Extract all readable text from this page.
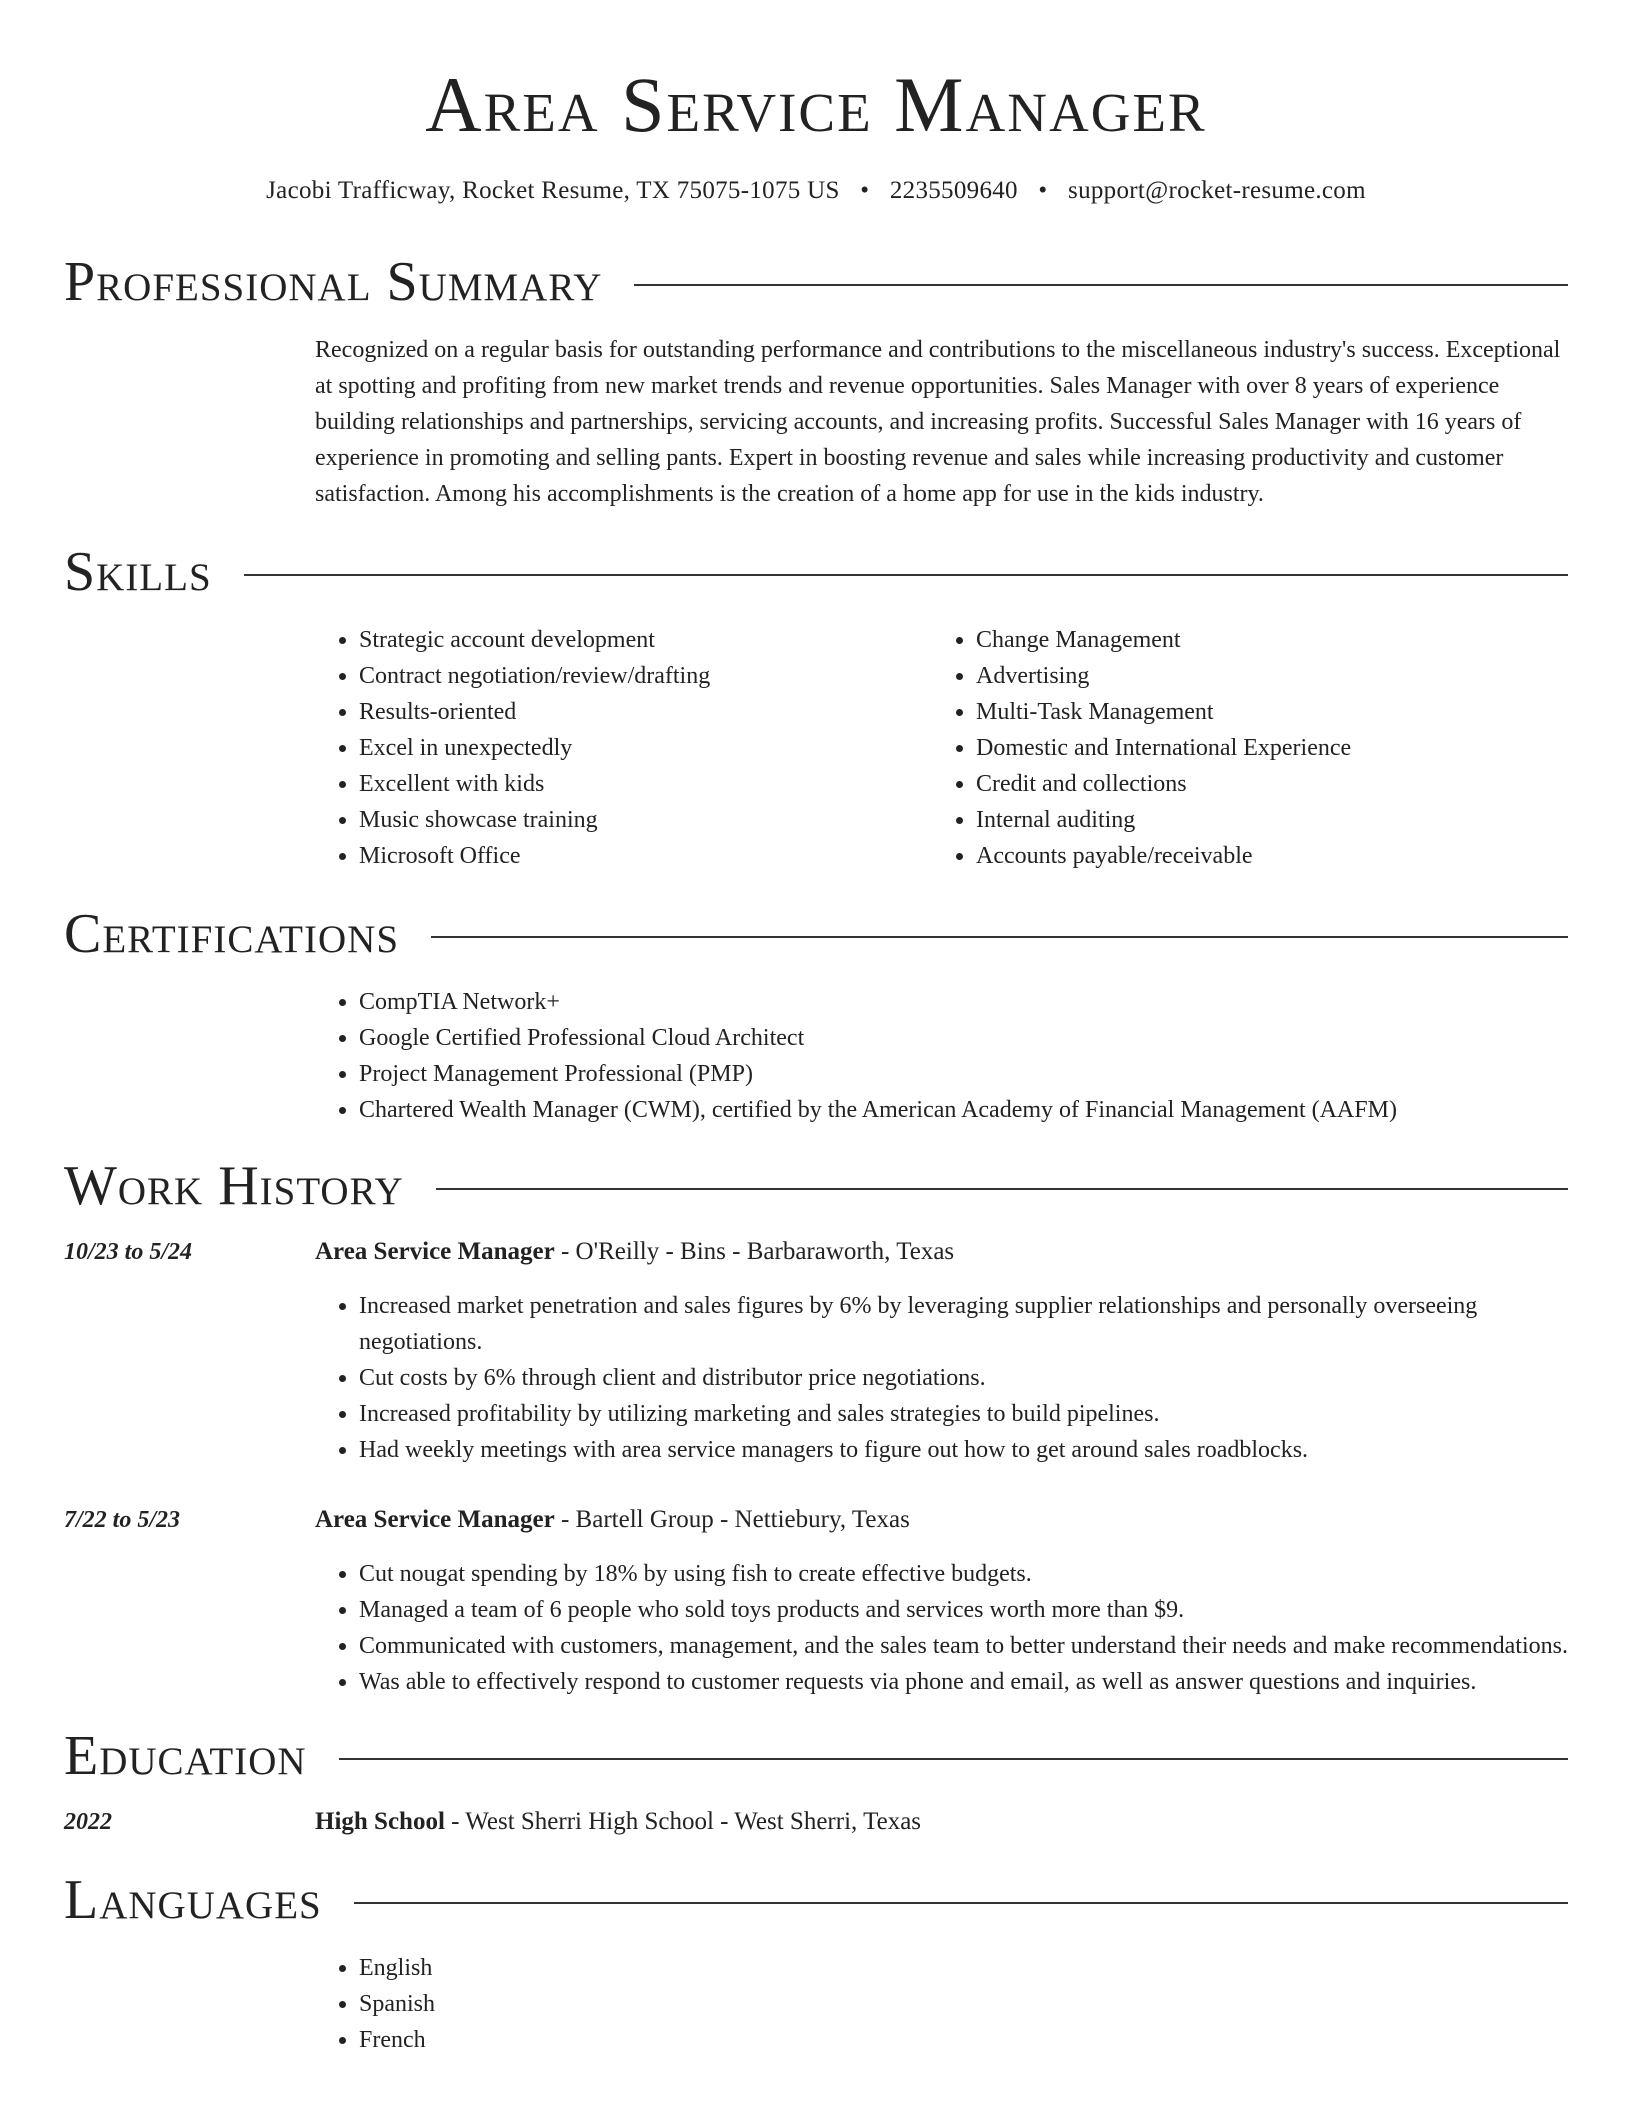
Area Service Manager
Jacobi Trafficway, Rocket Resume, TX 75075-1075 US • 2235509640 • support@rocket-resume.com
Professional Summary

Recognized on a regular basis for outstanding performance and contributions to the miscellaneous industry's success. Exceptional at spotting and profiting from new market trends and revenue opportunities. Sales Manager with over 8 years of experience building relationships and partnerships, servicing accounts, and increasing profits. Successful Sales Manager with 16 years of experience in promoting and selling pants. Expert in boosting revenue and sales while increasing productivity and customer satisfaction. Among his accomplishments is the creation of a home app for use in the kids industry.

Skills
• Strategic account development
• Contract negotiation/review/drafting
• Results-oriented
• Excel in unexpectedly
• Excellent with kids
• Music showcase training
• Microsoft Office
• Change Management
• Advertising
• Multi-Task Management
• Domestic and International Experience
• Credit and collections
• Internal auditing
• Accounts payable/receivable
Certifications
• CompTIA Network+
• Google Certified Professional Cloud Architect
• Project Management Professional (PMP)
• Chartered Wealth Manager (CWM), certified by the American Academy of Financial Management (AAFM)
Work History
10/23 to 5/24	Area Service Manager - O'Reilly - Bins - Barbaraworth, Texas
• Increased market penetration and sales figures by 6% by leveraging supplier relationships and personally overseeing negotiations.
• Cut costs by 6% through client and distributor price negotiations.
• Increased profitability by utilizing marketing and sales strategies to build pipelines.
• Had weekly meetings with area service managers to figure out how to get around sales roadblocks.
7/22 to 5/23	Area Service Manager - Bartell Group - Nettiebury, Texas
• Cut nougat spending by 18% by using fish to create effective budgets.
• Managed a team of 6 people who sold toys products and services worth more than $9.
• Communicated with customers, management, and the sales team to better understand their needs and make recommendations.
• Was able to effectively respond to customer requests via phone and email, as well as answer questions and inquiries.
Education
2022	High School - West Sherri High School - West Sherri, Texas
Languages
• English
• Spanish
• French
